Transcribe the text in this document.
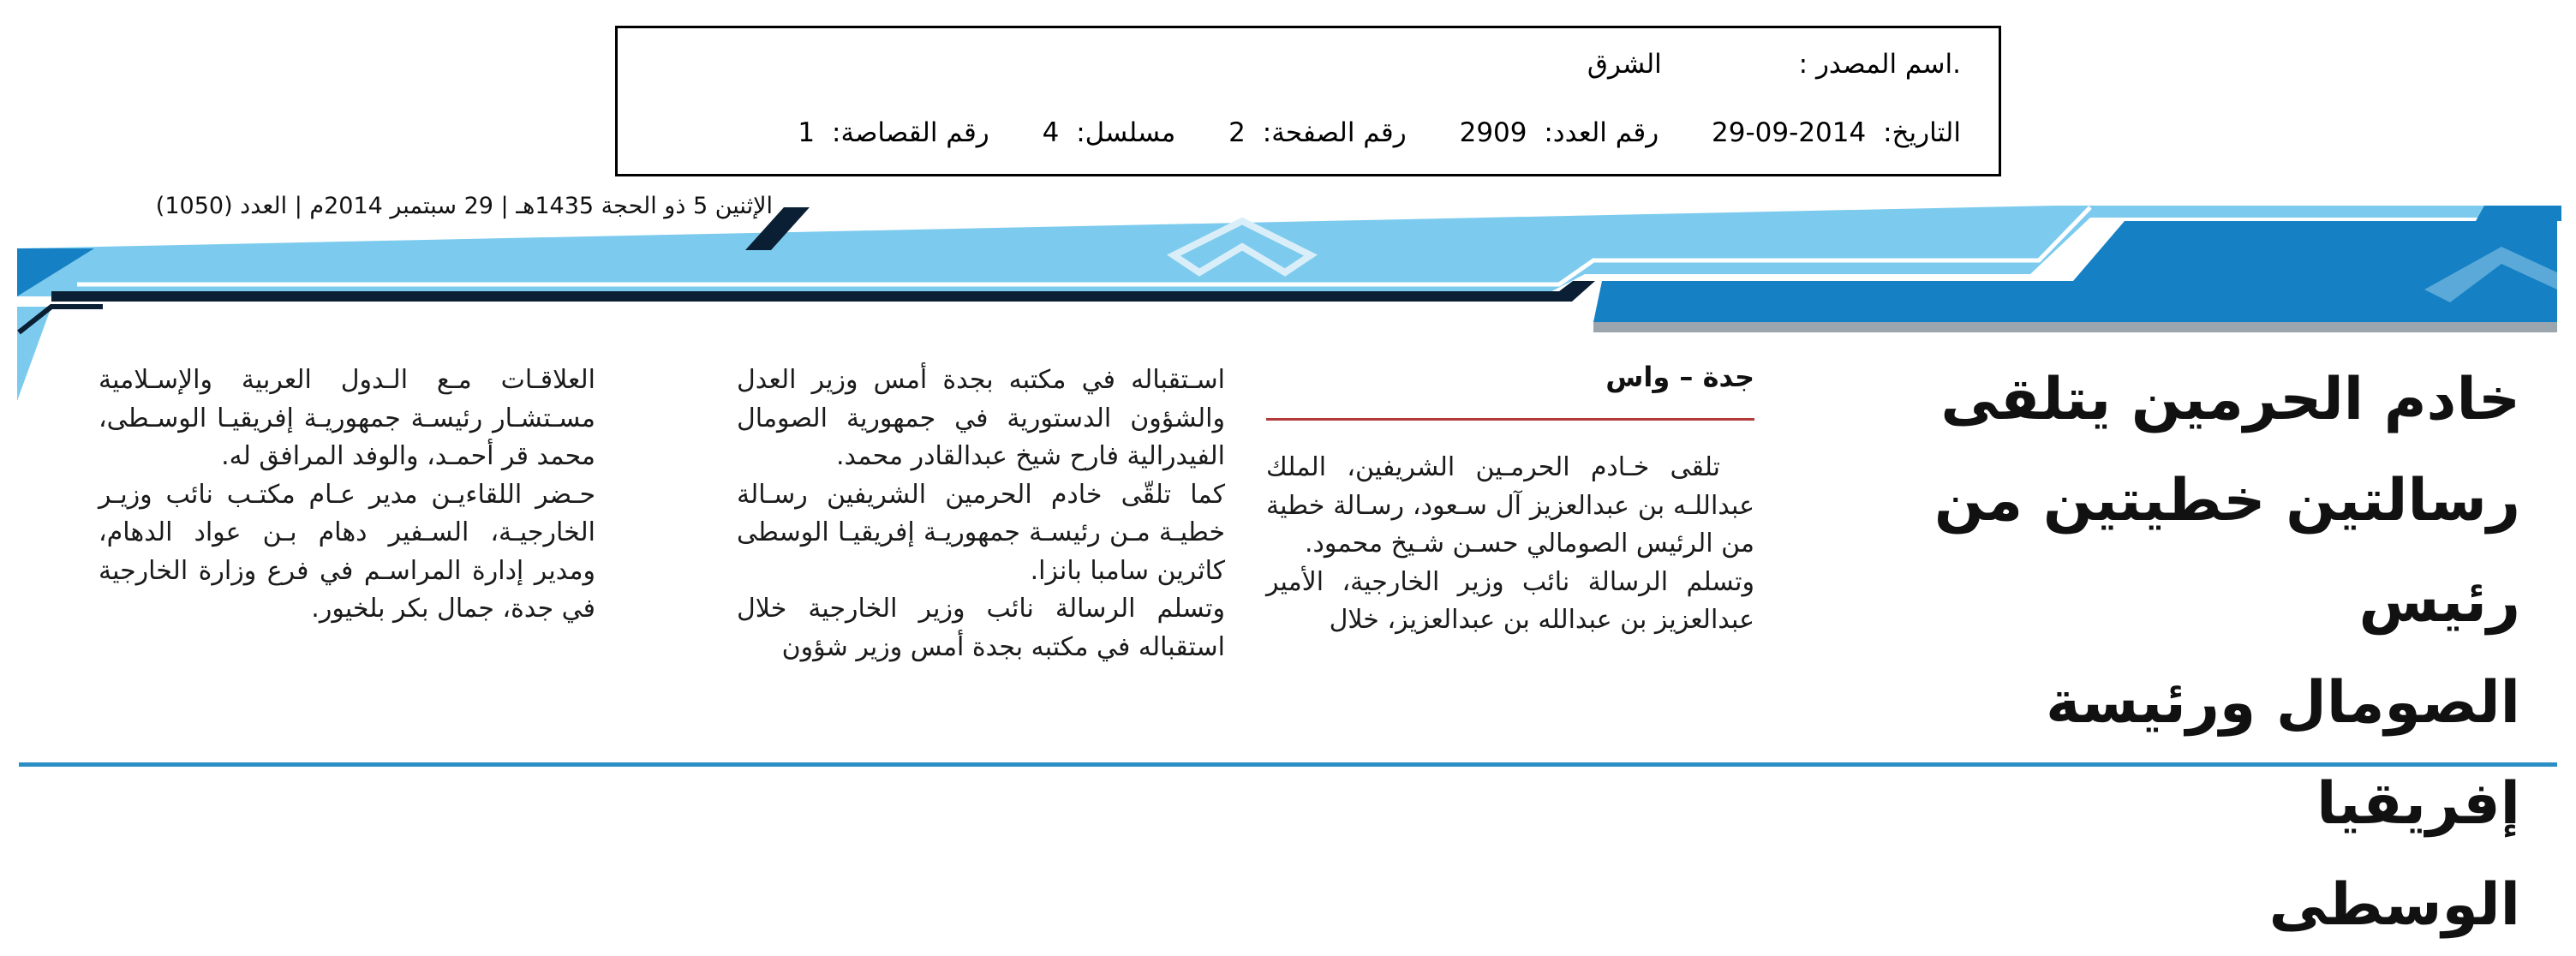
.اسم المصدر : الشرق
التاريخ: 2014-09-29 رقم العدد: 2909 رقم الصفحة: 2 مسلسل: 4 رقم القصاصة: 1
الإثنين 5 ذو الحجة 1435هـ | 29 سبتمبر 2014م | العدد (1050)
خادم الحرمين يتلقى
رسالتين خطيتين من رئيس
الصومال ورئيسة إفريقيا
الوسطى
جدة – واس

تلقى خـادم الحرمـين الشريفين، الملك عبداللـه بن عبدالعزيز آل سـعود، رسـالة خطية من الرئيس الصومالي حسـن شـيخ محمود.

وتسلم الرسالة نائب وزير الخارجية، الأمير عبدالعزيز بن عبدالله بن عبدالعزيز، خلال

اسـتقباله في مكتبه بجدة أمس وزير العدل والشؤون الدستورية في جمهورية الصومال الفيدرالية فارح شيخ عبدالقادر محمد.

كما تلقّى خادم الحرمين الشريفين رسـالة خطيـة مـن رئيسـة جمهوريـة إفريقيـا الوسطى كاثرين سامبا بانزا.

وتسلم الرسالة نائب وزير الخارجية خلال استقباله في مكتبه بجدة أمس وزير شؤون

العلاقـات مـع الـدول العربية والإسـلامية مسـتشـار رئيسـة جمهوريـة إفريقيـا الوسـطى، محمد قر أحمـد، والوفد المرافق له.

حـضر اللقاءيـن مدير عـام مكتـب نائب وزيـر الخارجيـة، السـفير دهام بـن عواد الدهام، ومدير إدارة المراسـم في فرع وزارة الخارجية في جدة، جمال بكر بلخيور.
